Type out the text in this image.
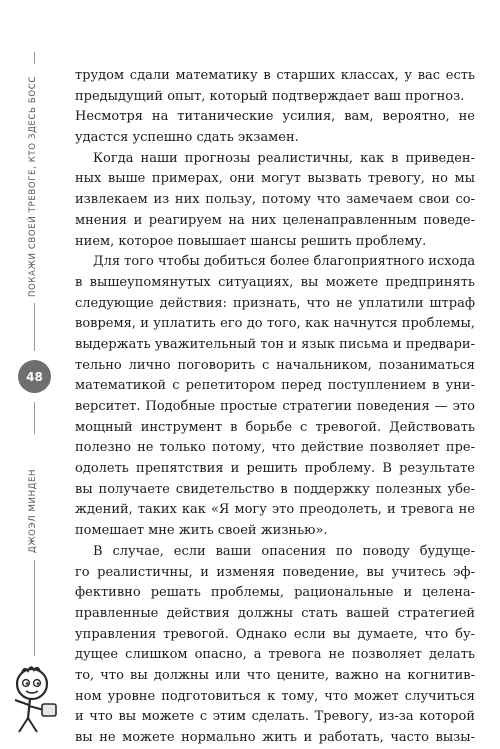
ПОКАЖИ СВОЕЙ ТРЕВОГЕ, КТО ЗДЕСЬ БОСС
48
ДЖОЭЛ МИНДЕН
трудом сдали математику в старших классах, у вас есть
предыдущий опыт, который подтверждает ваш прогноз.
Несмотря на титанические усилия, вам, вероятно, не
удастся успешно сдать экзамен.
Когда наши прогнозы реалистичны, как в приведен-
ных выше примерах, они могут вызвать тревогу, но мы
извлекаем из них пользу, потому что замечаем свои со-
мнения и реагируем на них целенаправленным поведе-
нием, которое повышает шансы решить проблему.
Для того чтобы добиться более благоприятного исхода
в вышеупомянутых ситуациях, вы можете предпринять
следующие действия: признать, что не уплатили штраф
вовремя, и уплатить его до того, как начнутся проблемы,
выдержать уважительный тон и язык письма и предвари-
тельно лично поговорить с начальником, позаниматься
математикой с репетитором перед поступлением в уни-
верситет. Подобные простые стратегии поведения — это
мощный инструмент в борьбе с тревогой. Действовать
полезно не только потому, что действие позволяет пре-
одолеть препятствия и решить проблему. В результате
вы получаете свидетельство в поддержку полезных убе-
ждений, таких как «Я могу это преодолеть, и тревога не
помешает мне жить своей жизнью».
В случае, если ваши опасения по поводу будуще-
го реалистичны, и изменяя поведение, вы учитесь эф-
фективно решать проблемы, рациональные и целена-
правленные действия должны стать вашей стратегией
управления тревогой. Однако если вы думаете, что бу-
дущее слишком опасно, а тревога не позволяет делать
то, что вы должны или что цените, важно на когнитив-
ном уровне подготовиться к тому, что может случиться
и что вы можете с этим сделать. Тревогу, из-за которой
вы не можете нормально жить и работать, часто вызы-
